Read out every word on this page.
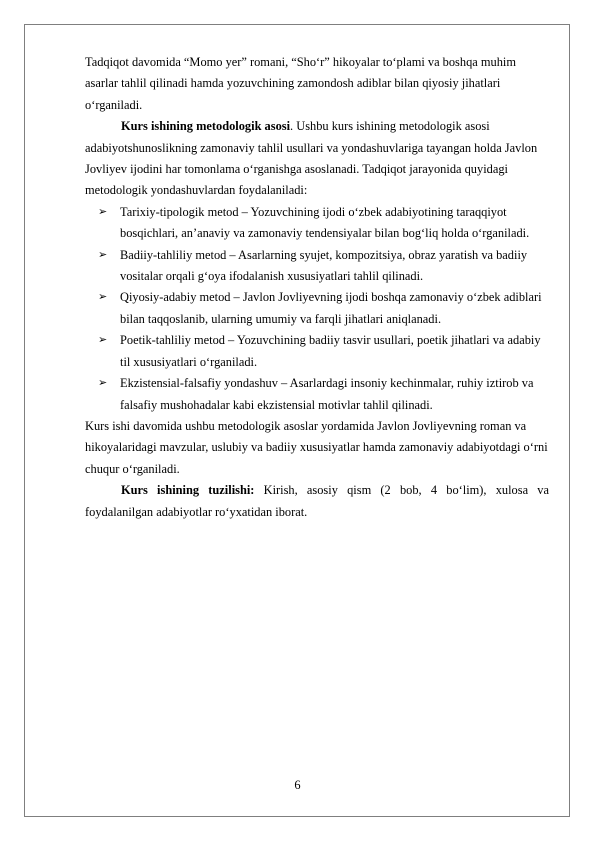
Tadqiqot davomida “Momo yer” romani, “Sho‘r” hikoyalar to‘plami va boshqa muhim asarlar tahlil qilinadi hamda yozuvchining zamondosh adiblar bilan qiyosiy jihatlari o‘rganiladi.

Kurs ishining metodologik asosi. Ushbu kurs ishining metodologik asosi adabiyotshunoslikning zamonaviy tahlil usullari va yondashuvlariga tayangan holda Javlon Jovliyev ijodini har tomonlama o‘rganishga asoslanadi. Tadqiqot jarayonida quyidagi metodologik yondashuvlardan foydalaniladi:

➢ Tarixiy-tipologik metod – Yozuvchining ijodi o‘zbek adabiyotining taraqqiyot bosqichlari, an’anaviy va zamonaviy tendensiyalar bilan bog‘liq holda o‘rganiladi.
➢ Badiiy-tahliliy metod – Asarlarning syujet, kompozitsiya, obraz yaratish va badiiy vositalar orqali g‘oya ifodalanish xususiyatlari tahlil qilinadi.
➢ Qiyosiy-adabiy metod – Javlon Jovliyevning ijodi boshqa zamonaviy o‘zbek adiblari bilan taqqoslanib, ularning umumiy va farqli jihatlari aniqlanadi.
➢ Poetik-tahliliy metod – Yozuvchining badiiy tasvir usullari, poetik jihatlari va adabiy til xususiyatlari o‘rganiladi.
➢ Ekzistensial-falsafiy yondashuv – Asarlardagi insoniy kechinmalar, ruhiy iztirob va falsafiy mushohadalar kabi ekzistensial motivlar tahlil qilinadi.

Kurs ishi davomida ushbu metodologik asoslar yordamida Javlon Jovliyevning roman va hikoyalaridagi mavzular, uslubiy va badiiy xususiyatlar hamda zamonaviy adabiyotdagi o‘rni chuqur o‘rganiladi.

Kurs ishining tuzilishi: Kirish, asosiy qism (2 bob, 4 bo‘lim), xulosa va foydalanilgan adabiyotlar ro‘yxatidan iborat.

6
